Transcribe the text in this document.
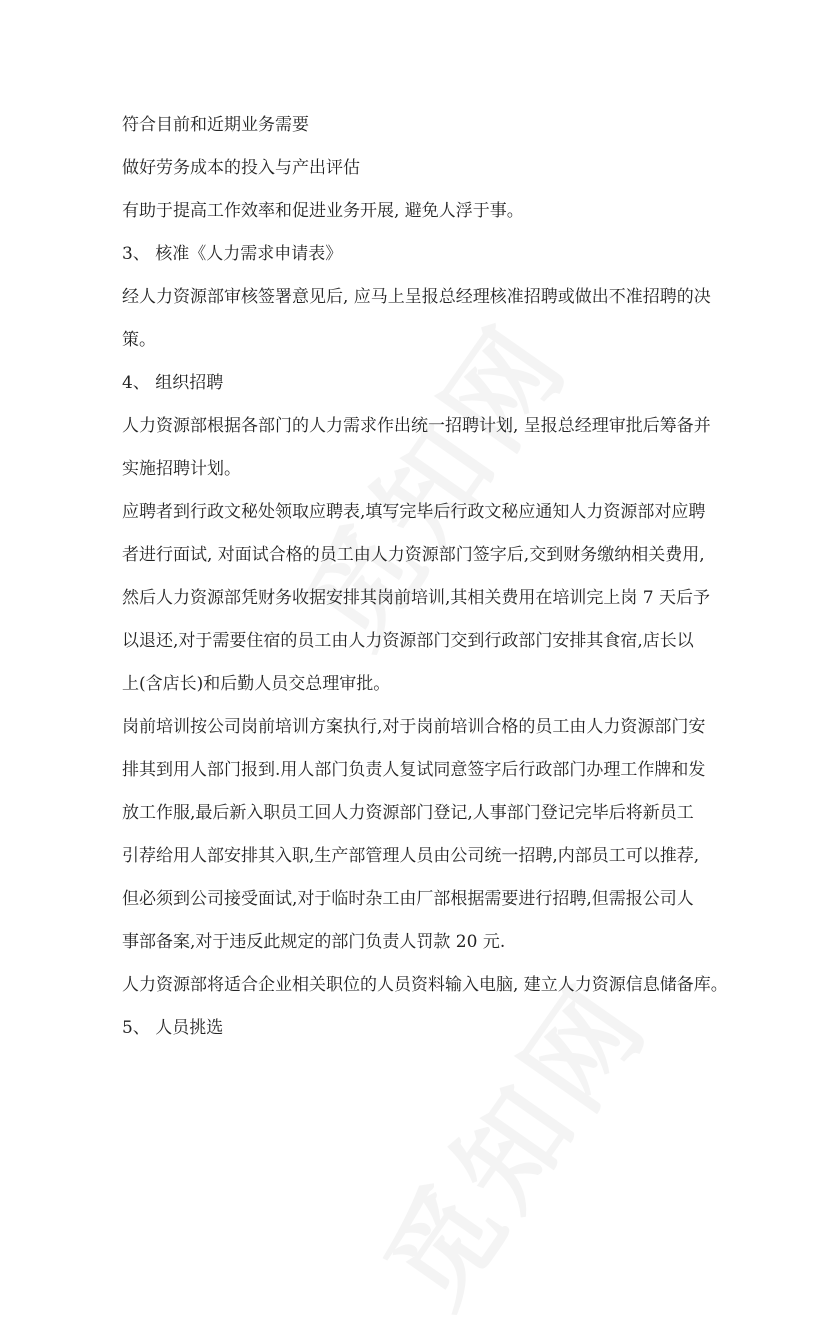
符合目前和近期业务需要
做好劳务成本的投入与产出评估
有助于提高工作效率和促进业务开展, 避免人浮于事。
3、 核准《人力需求申请表》
经人力资源部审核签署意见后, 应马上呈报总经理核准招聘或做出不准招聘的决
策。
4、 组织招聘
人力资源部根据各部门的人力需求作出统一招聘计划, 呈报总经理审批后筹备并
实施招聘计划。
应聘者到行政文秘处领取应聘表,填写完毕后行政文秘应通知人力资源部对应聘
者进行面试, 对面试合格的员工由人力资源部门签字后,交到财务缴纳相关费用,
然后人力资源部凭财务收据安排其岗前培训,其相关费用在培训完上岗 7 天后予
以退还,对于需要住宿的员工由人力资源部门交到行政部门安排其食宿,店长以
上(含店长)和后勤人员交总理审批。
岗前培训按公司岗前培训方案执行,对于岗前培训合格的员工由人力资源部门安
排其到用人部门报到.用人部门负责人复试同意签字后行政部门办理工作牌和发
放工作服,最后新入职员工回人力资源部门登记,人事部门登记完毕后将新员工
引荐给用人部安排其入职,生产部管理人员由公司统一招聘,内部员工可以推荐,
但必须到公司接受面试,对于临时杂工由厂部根据需要进行招聘,但需报公司人
事部备案,对于违反此规定的部门负责人罚款 20 元.
人力资源部将适合企业相关职位的人员资料输入电脑, 建立人力资源信息储备库。
5、 人员挑选
